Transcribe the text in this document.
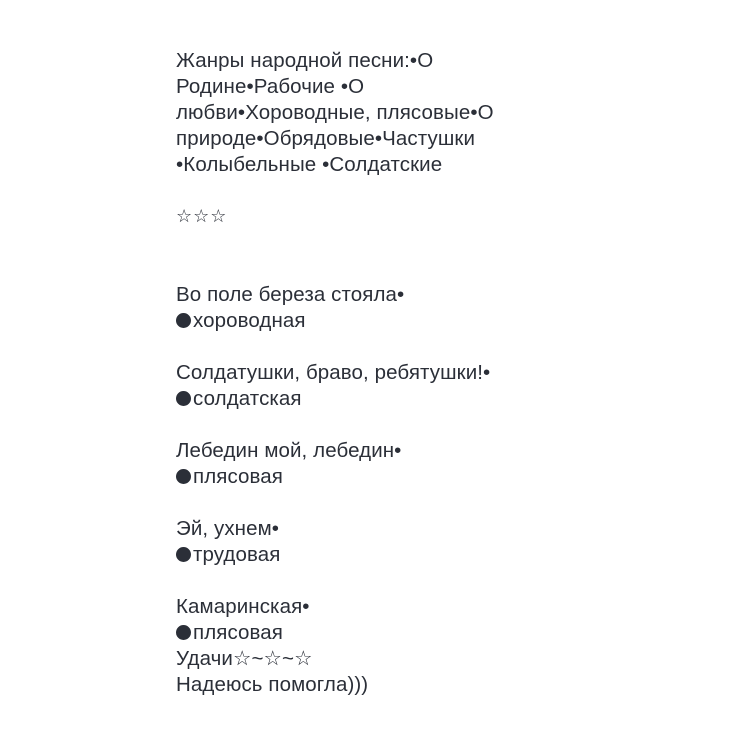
Жанры народной песни:•О
Родине•Рабочие •О
любви•Хороводные, плясовые•О
природе•Обрядовые•Частушки
•Колыбельные •Солдатские
☆☆☆
Во поле береза стояла•
хороводная
Солдатушки, браво, ребятушки!•
солдатская
Лебедин мой, лебедин•
плясовая
Эй, ухнем•
трудовая
Камаринская•
плясовая
Удачи☆~☆~☆
Надеюсь помогла)))
